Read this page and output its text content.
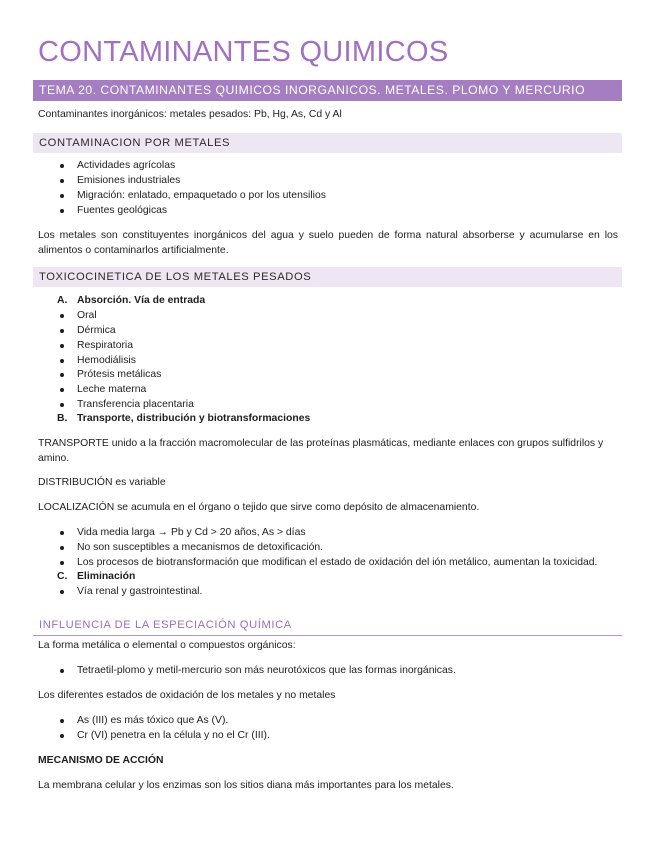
CONTAMINANTES QUIMICOS
TEMA 20. CONTAMINANTES QUIMICOS INORGANICOS. METALES. PLOMO Y MERCURIO
Contaminantes inorgánicos: metales pesados: Pb, Hg, As, Cd y Al
CONTAMINACION POR METALES
Actividades agrícolas
Emisiones industriales
Migración: enlatado, empaquetado o por los utensilios
Fuentes geológicas
Los metales son constituyentes inorgánicos del agua y suelo pueden de forma natural absorberse y acumularse en los alimentos o contaminarlos artificialmente.
TOXICOCINETICA DE LOS METALES PESADOS
A. Absorción. Vía de entrada
Oral
Dérmica
Respiratoria
Hemodiálisis
Prótesis metálicas
Leche materna
Transferencia placentaria
B. Transporte, distribución y biotransformaciones
TRANSPORTE unido a la fracción macromolecular de las proteínas plasmáticas, mediante enlaces con grupos sulfidrilos y amino.
DISTRIBUCIÓN es variable
LOCALIZACIÓN se acumula en el órgano o tejido que sirve como depósito de almacenamiento.
Vida media larga → Pb y Cd > 20 años, As > días
No son susceptibles a mecanismos de detoxificación.
Los procesos de biotransformación que modifican el estado de oxidación del ión metálico, aumentan la toxicidad.
C. Eliminación
Vía renal y gastrointestinal.
INFLUENCIA DE LA ESPECIACIÓN QUÍMICA
La forma metálica o elemental o compuestos orgánicos:
Tetraetil-plomo y metil-mercurio son más neurotóxicos que las formas inorgánicas.
Los diferentes estados de oxidación de los metales y no metales
As (III) es más tóxico que As (V).
Cr (VI) penetra en la célula y no el Cr (III).
MECANISMO DE ACCIÓN
La membrana celular y los enzimas son los sitios diana más importantes para los metales.
